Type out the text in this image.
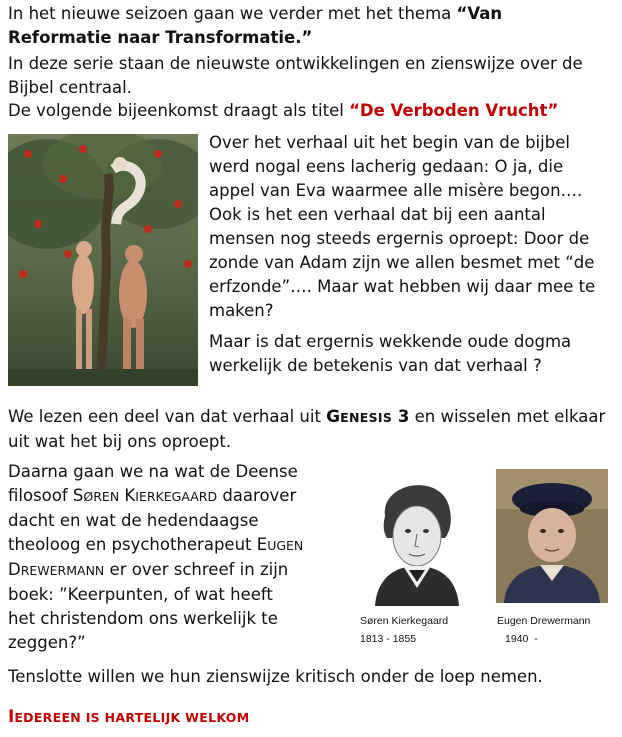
In het nieuwe seizoen gaan we verder met het thema “Van Reformatie naar Transformatie.”

In deze serie staan de nieuwste ontwikkelingen en zienswijze over de Bijbel centraal.

De volgende bijeenkomst draagt als titel “De Verboden Vrucht”

Over het verhaal uit het begin van de bijbel werd nogal eens lacherig gedaan: O ja, die appel van Eva waarmee alle misère begon….

Ook is het een verhaal dat bij een aantal mensen nog steeds ergernis oproept: Door de zonde van Adam zijn we allen besmet met “de erfzonde”…. Maar wat hebben wij daar mee te maken?

Maar is dat ergernis wekkende oude dogma werkelijk de betekenis van dat verhaal ?

We lezen een deel van dat verhaal uit GENESIS 3 en wisselen met elkaar uit wat het bij ons oproept.

Daarna gaan we na wat de Deense
filosoof SØREN KIERKEGAARD daarover
dacht en wat de hedendaagse
theoloog en psychotherapeut EUGEN
DREWERMANN er over schreef in zijn
boek: ”Keerpunten, of wat heeft
het christendom ons werkelijk te
zeggen?”
Søren Kierkegaard
1813 - 1855
Eugen Drewermann
1940  -

Tenslotte willen we hun zienswijze kritisch onder de loep nemen.

IEDEREEN IS HARTELIJK WELKOM
